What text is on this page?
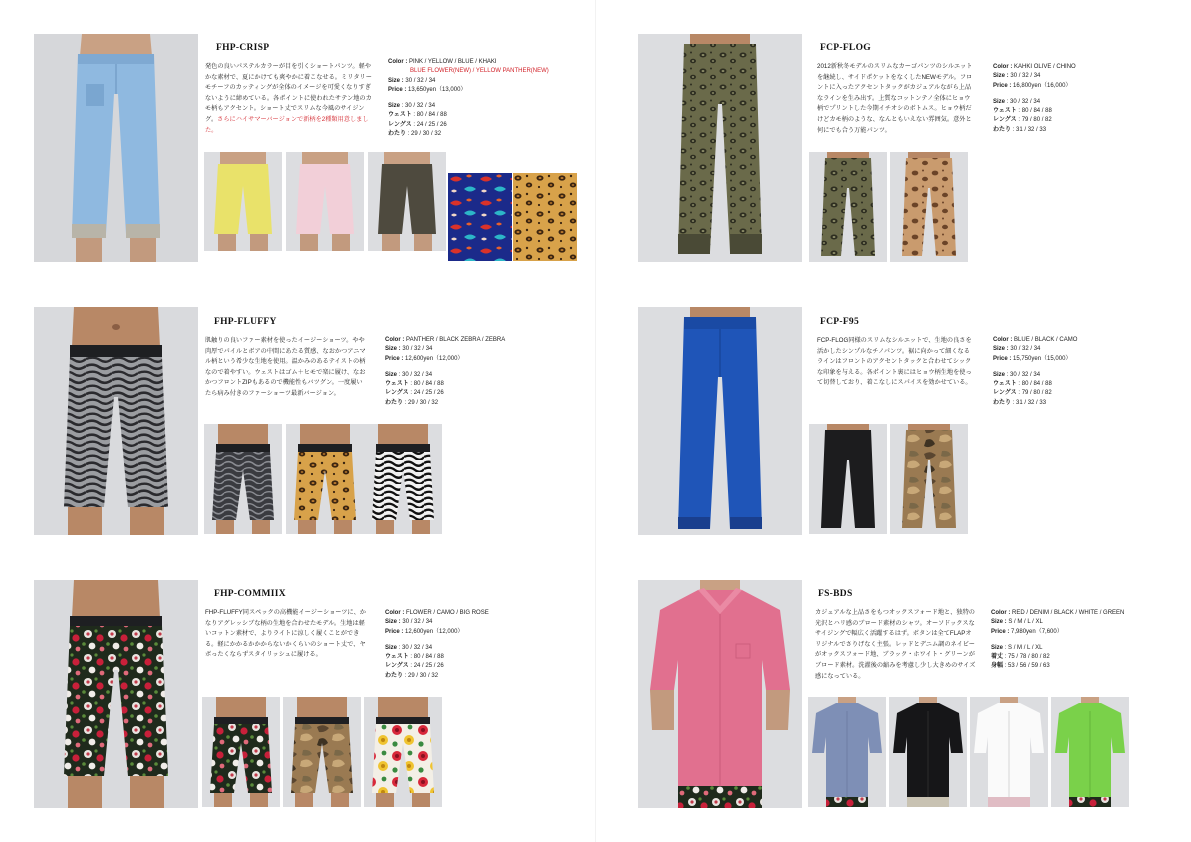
FHP-CRISP
発色の良いパステルカラーが目を引くショートパンツ。軽やかな素材で、夏にかけても爽やかに着こなせる。ミリタリーモチーフのカッティングが全体のイメージを可愛くなりすぎないように締めている。各ポイントに使われたサテン地のカモ柄もアクセント。ショート丈でスリムな今風のサイジング。さらにハイサマーバージョンで新柄を2種類用意しました。
Color : PINK / YELLOW / BLUE / KHAKI
BLUE FLOWER(NEW) / YELLOW PANTHER(NEW)
Size : 30 / 32 / 34
Price : 13,650yen（13,000）
Size : 30 / 32 / 34
ウェスト : 80 / 84 / 88
レングス : 24 / 25 / 26
わたり : 29 / 30 / 32
FHP-FLUFFY
肌触りの良いファー素材を使ったイージーショーツ。やや肉厚でパイルとボアの中間にあたる質感、なおかつアニマル柄という希少な生地を使用。温かみのあるテイストの柄なので着やすい。ウェストはゴム＋ヒモで楽に履け、なおかつフロントZIPもあるので機能性もバツグン。一度履いたら病み付きのファーショーツ最新バージョン。
Color : PANTHER / BLACK ZEBRA / ZEBRA
Size : 30 / 32 / 34
Price : 12,600yen（12,000）
Size : 30 / 32 / 34
ウェスト : 80 / 84 / 88
レングス : 24 / 25 / 26
わたり : 29 / 30 / 32
FHP-COMMIIX
FHP-FLUFFY同スペックの高機能イージーショーツに、かなりアグレッシブな柄の生地を合わせたモデル。生地は軽いコットン素材で、よりライトに涼しく履くことができる。軽にかかるかかからないかくらいのショート丈で、ヤボったくならずスタイリッシュに履ける。
Color : FLOWER / CAMO / BIG ROSE
Size : 30 / 32 / 34
Price : 12,600yen（12,000）
Size : 30 / 32 / 34
ウェスト : 80 / 84 / 88
レングス : 24 / 25 / 26
わたり : 29 / 30 / 32
FCP-FLOG
2012新秋冬モデルのスリムなカーゴパンツのシルエットを継続し、サイドポケットをなくしたNEWモデル。フロントに入ったアクセントタックがカジュアルながら上品なラインを生み出す。上質なコットンテノ全体にヒョウ柄でプリントした今期イチオシのボトムス。ヒョウ柄だけどカモ柄のような、なんともいえない雰囲気。意外と何にでも合う万能パンツ。
Color : KAHKI OLIVE / CHINO
Size : 30 / 32 / 34
Price : 16,800yen（16,000）
Size : 30 / 32 / 34
ウェスト : 80 / 84 / 88
レングス : 79 / 80 / 82
わたり : 31 / 32 / 33
FCP-F95
FCP-FLOG同様のスリムなシルエットで、生地の良さを活かしたシンプルなチノパンツ。裾に向かって細くなるラインはフロントのアクセントタックと合わせてシックな印象を与える。各ポイント裏にはヒョウ柄生地を使って切替しており、着こなしにスパイスを効かせている。
Color : BLUE / BLACK / CAMO
Size : 30 / 32 / 34
Price : 15,750yen（15,000）
Size : 30 / 32 / 34
ウェスト : 80 / 84 / 88
レングス : 79 / 80 / 82
わたり : 31 / 32 / 33
FS-BDS
カジュアルな上品さをもつオックスフォード地と、独特の光沢とハリ感のブロード素材のシャツ。オーソドックスなサイジングで幅広く活躍するはず。ボタンは全てFLAPオリジナルでさりげなく主張。レッドとデニム調のネイビーがオックスフォード地、ブラック・ホワイト・グリーンがブロード素材。洗濯後の縮みを考慮し少し大きめのサイズ感になっている。
Color : RED / DENIM / BLACK / WHITE / GREEN
Size : S / M / L / XL
Price : 7,980yen（7,600）
Size : S / M / L / XL
着丈 : 75 / 78 / 80 / 82
身幅 : 53 / 56 / 59 / 63
